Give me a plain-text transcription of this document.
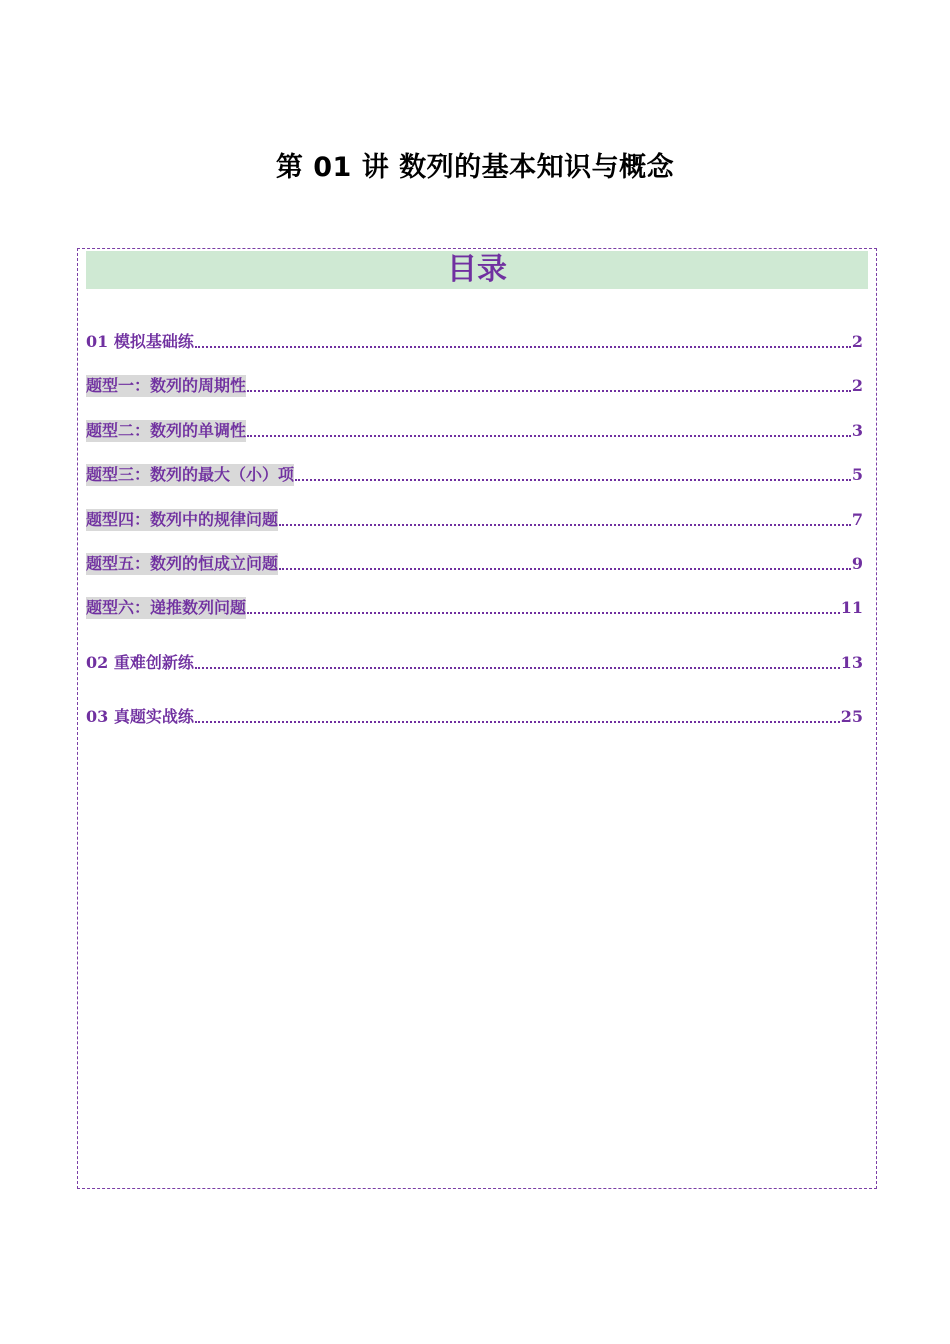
第 01 讲 数列的基本知识与概念
目录
01 模拟基础练	2
题型一：数列的周期性	2
题型二：数列的单调性	3
题型三：数列的最大（小）项	5
题型四：数列中的规律问题	7
题型五：数列的恒成立问题	9
题型六：递推数列问题	11
02 重难创新练	13
03 真题实战练	25
